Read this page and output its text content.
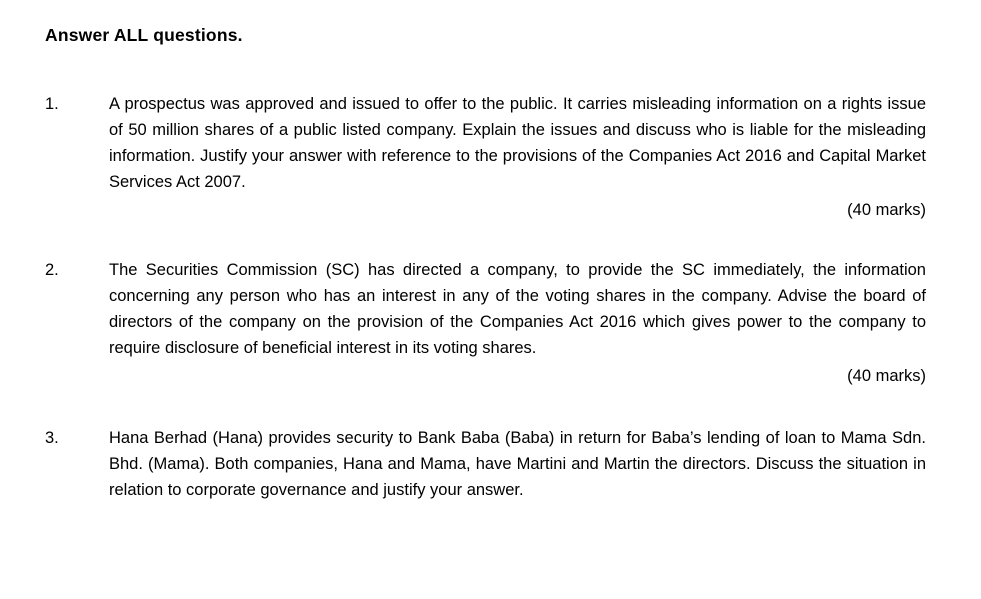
Answer ALL questions.
1.	A prospectus was approved and issued to offer to the public. It carries misleading information on a rights issue of 50 million shares of a public listed company. Explain the issues and discuss who is liable for the misleading information. Justify your answer with reference to the provisions of the Companies Act 2016 and Capital Market Services Act 2007.

(40 marks)
2.	The Securities Commission (SC) has directed a company, to provide the SC immediately, the information concerning any person who has an interest in any of the voting shares in the company. Advise the board of directors of the company on the provision of the Companies Act 2016 which gives power to the company to require disclosure of beneficial interest in its voting shares.

(40 marks)
3.	Hana Berhad (Hana) provides security to Bank Baba (Baba) in return for Baba’s lending of loan to Mama Sdn. Bhd. (Mama). Both companies, Hana and Mama, have Martini and Martin the directors. Discuss the situation in relation to corporate governance and justify your answer.
